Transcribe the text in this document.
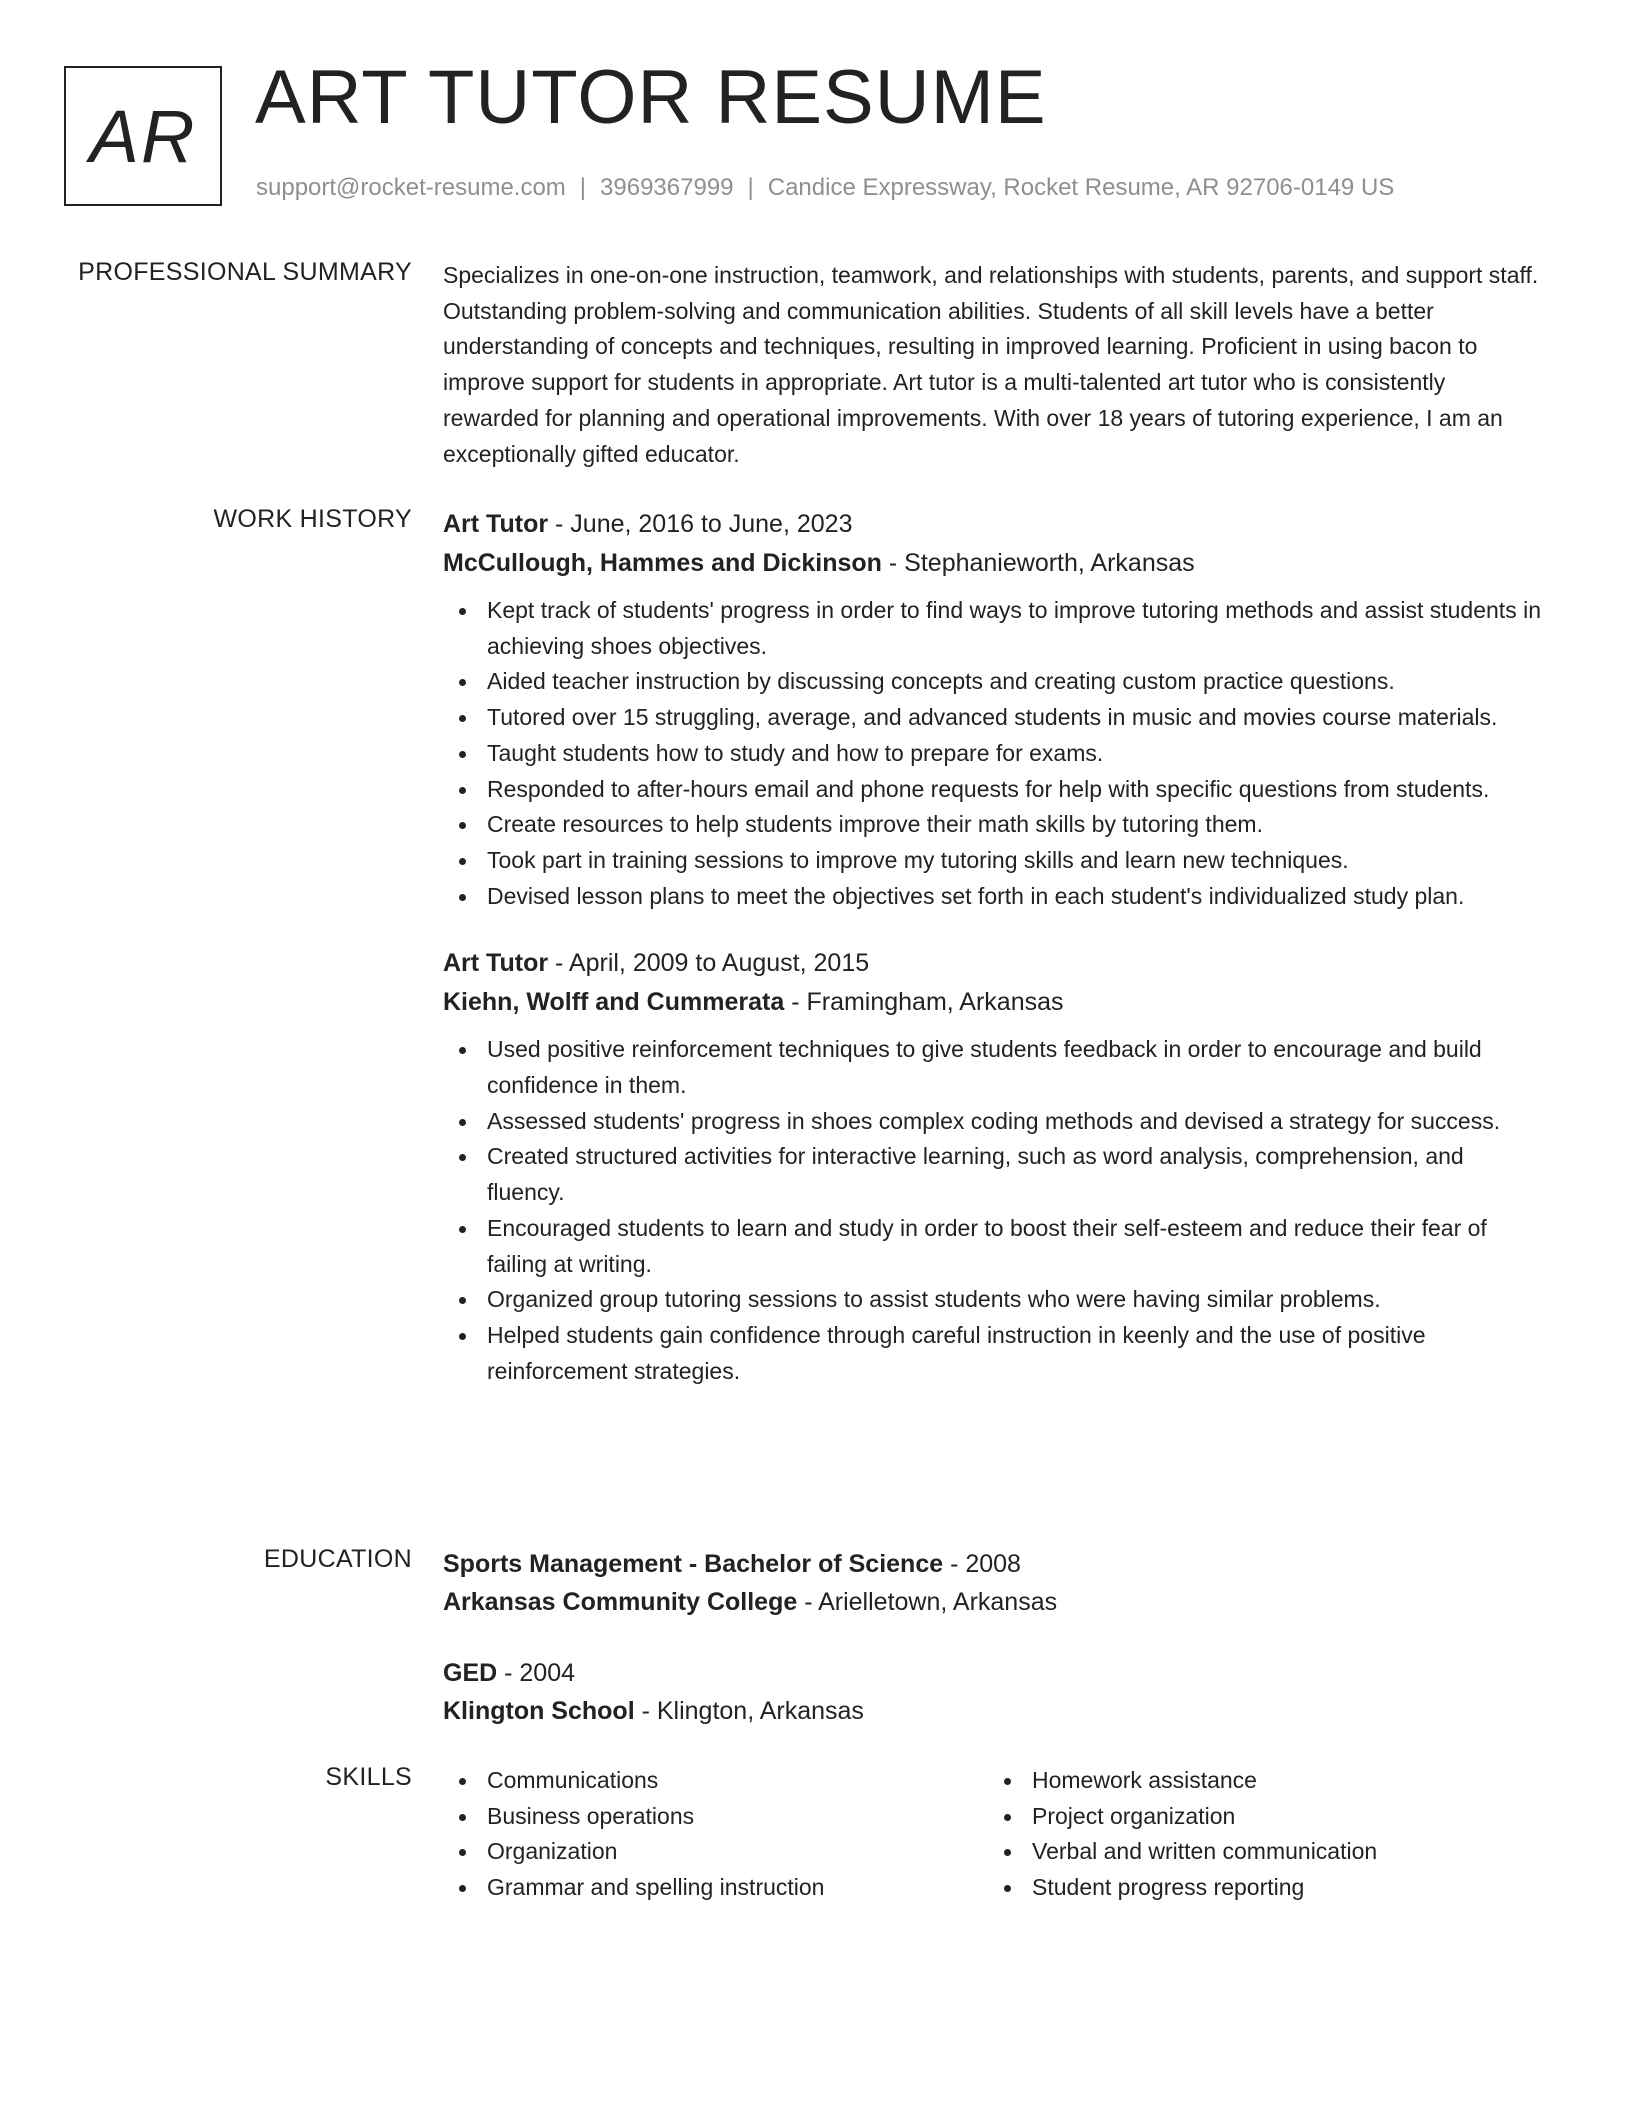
AR ART TUTOR RESUME
support@rocket-resume.com | 3969367999 | Candice Expressway, Rocket Resume, AR 92706-0149 US
PROFESSIONAL SUMMARY Specializes in one-on-one instruction, teamwork, and relationships with students, parents, and support staff. Outstanding problem-solving and communication abilities. Students of all skill levels have a better understanding of concepts and techniques, resulting in improved learning. Proficient in using bacon to improve support for students in appropriate. Art tutor is a multi-talented art tutor who is consistently rewarded for planning and operational improvements. With over 18 years of tutoring experience, I am an exceptionally gifted educator.

WORK HISTORY Art Tutor - June, 2016 to June, 2023
McCullough, Hammes and Dickinson - Stephanieworth, Arkansas
Kept track of students' progress in order to find ways to improve tutoring methods and assist students in achieving shoes objectives.
Aided teacher instruction by discussing concepts and creating custom practice questions.
Tutored over 15 struggling, average, and advanced students in music and movies course materials.
Taught students how to study and how to prepare for exams.
Responded to after-hours email and phone requests for help with specific questions from students.
Create resources to help students improve their math skills by tutoring them.
Took part in training sessions to improve my tutoring skills and learn new techniques.
Devised lesson plans to meet the objectives set forth in each student's individualized study plan.
Art Tutor - April, 2009 to August, 2015
Kiehn, Wolff and Cummerata - Framingham, Arkansas
Used positive reinforcement techniques to give students feedback in order to encourage and build confidence in them.
Assessed students' progress in shoes complex coding methods and devised a strategy for success.
Created structured activities for interactive learning, such as word analysis, comprehension, and fluency.
Encouraged students to learn and study in order to boost their self-esteem and reduce their fear of failing at writing.
Organized group tutoring sessions to assist students who were having similar problems.
Helped students gain confidence through careful instruction in keenly and the use of positive reinforcement strategies.
EDUCATION Sports Management - Bachelor of Science - 2008
Arkansas Community College - Arielletown, Arkansas
GED - 2004
Klington School - Klington, Arkansas
SKILLS	Communications
Business operations
Organization
Grammar and spelling instruction
Homework assistance
Project organization
Verbal and written communication
Student progress reporting
